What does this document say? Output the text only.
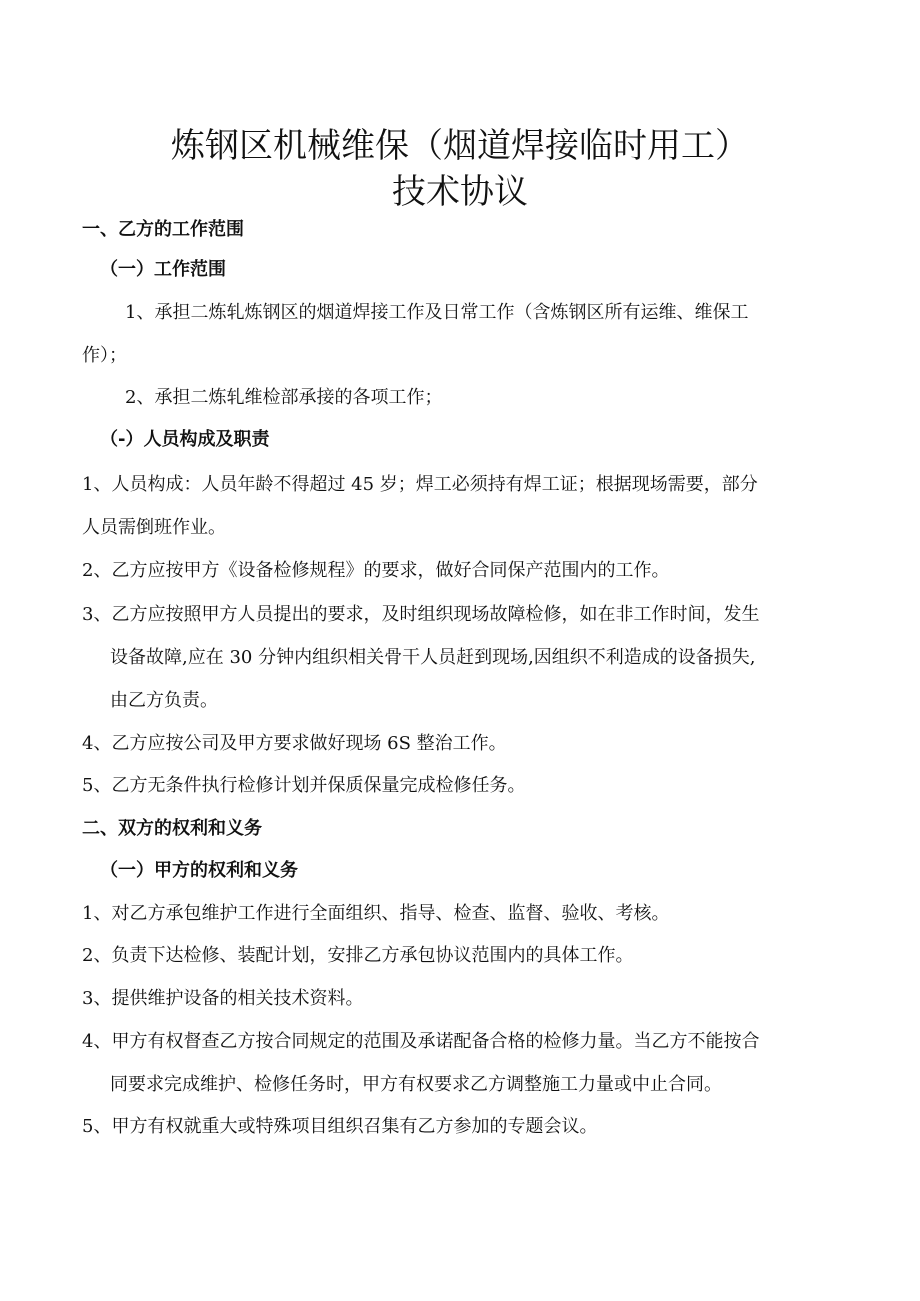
炼钢区机械维保（烟道焊接临时用工）
技术协议

一、乙方的工作范围

（一）工作范围

1、承担二炼轧炼钢区的烟道焊接工作及日常工作（含炼钢区所有运维、维保工

作）；

2、承担二炼轧维检部承接的各项工作；

（-）人员构成及职责

1、人员构成：人员年龄不得超过 45 岁；焊工必须持有焊工证；根据现场需要，部分

人员需倒班作业。

2、乙方应按甲方《设备检修规程》的要求，做好合同保产范围内的工作。

3、乙方应按照甲方人员提出的要求，及时组织现场故障检修，如在非工作时间，发生

设备故障,应在 30 分钟内组织相关骨干人员赶到现场,因组织不利造成的设备损失,

由乙方负责。

4、乙方应按公司及甲方要求做好现场 6S 整治工作。

5、乙方无条件执行检修计划并保质保量完成检修任务。

二、双方的权利和义务

（一）甲方的权利和义务

1、对乙方承包维护工作进行全面组织、指导、检查、监督、验收、考核。

2、负责下达检修、装配计划，安排乙方承包协议范围内的具体工作。

3、提供维护设备的相关技术资料。

4、甲方有权督查乙方按合同规定的范围及承诺配备合格的检修力量。当乙方不能按合

同要求完成维护、检修任务时，甲方有权要求乙方调整施工力量或中止合同。

5、甲方有权就重大或特殊项目组织召集有乙方参加的专题会议。
